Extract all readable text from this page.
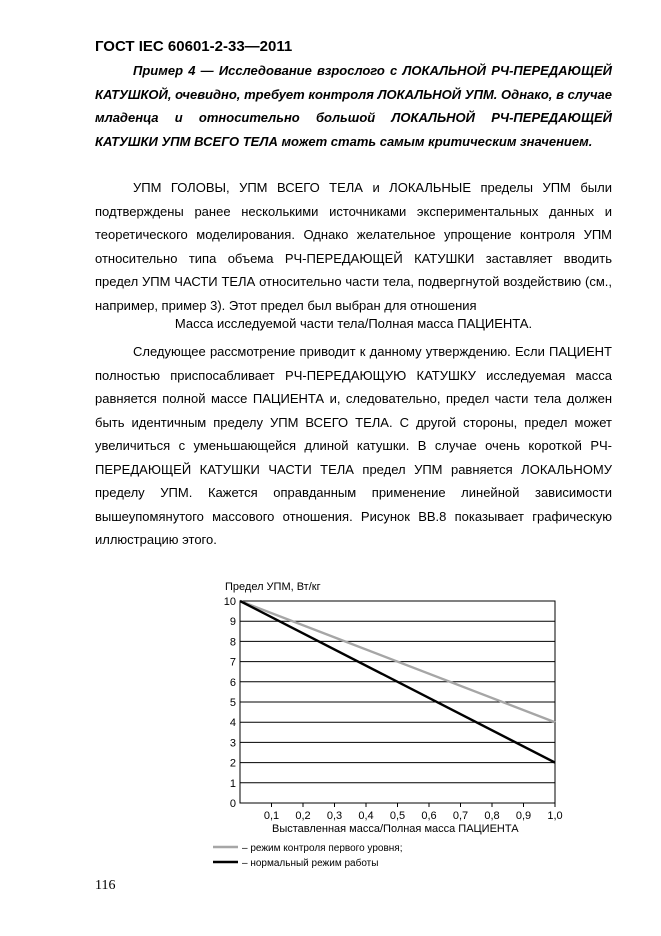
ГОСТ IEC 60601-2-33—2011

Пример 4 — Исследование взрослого с ЛОКАЛЬНОЙ РЧ-ПЕРЕДАЮЩЕЙ КАТУШКОЙ, очевидно, требует контроля ЛОКАЛЬНОЙ УПМ. Однако, в случае младенца и относительно большой ЛОКАЛЬНОЙ РЧ-ПЕРЕДАЮЩЕЙ КАТУШКИ УПМ ВСЕГО ТЕЛА может стать самым критическим значением.

УПМ ГОЛОВЫ, УПМ ВСЕГО ТЕЛА и ЛОКАЛЬНЫЕ пределы УПМ были подтверждены ранее несколькими источниками экспериментальных данных и теоретического моделирования. Однако желательное упрощение контроля УПМ относительно типа объема РЧ-ПЕРЕДАЮЩЕЙ КАТУШКИ заставляет вводить предел УПМ ЧАСТИ ТЕЛА относительно части тела, подвергнутой воздействию (см., например, пример 3). Этот предел был выбран для отношения

Масса исследуемой части тела/Полная масса ПАЦИЕНТА.

Следующее рассмотрение приводит к данному утверждению. Если ПАЦИЕНТ полностью приспосабливает РЧ-ПЕРЕДАЮЩУЮ КАТУШКУ исследуемая масса равняется полной массе ПАЦИЕНТА и, следовательно, предел части тела должен быть идентичным пределу УПМ ВСЕГО ТЕЛА. С другой стороны, предел может увеличиться с уменьшающейся длиной катушки. В случае очень короткой РЧ-ПЕРЕДАЮЩЕЙ КАТУШКИ ЧАСТИ ТЕЛА предел УПМ равняется ЛОКАЛЬНОМУ пределу УПМ. Кажется оправданным применение линейной зависимости вышеупомянутого массового отношения. Рисунок ВВ.8 показывает графическую иллюстрацию этого.

0
1
2
3
4
5
6
7
8
9
10
0,1 0,2 0,3 0,4 0,5 0,6 0,7 0,8 0,9 1,0
Предел УПМ, Вт/кг
Выставленная масса/Полная масса ПАЦИЕНТА
– режим контроля первого уровня;
– нормальный режим работы
116
